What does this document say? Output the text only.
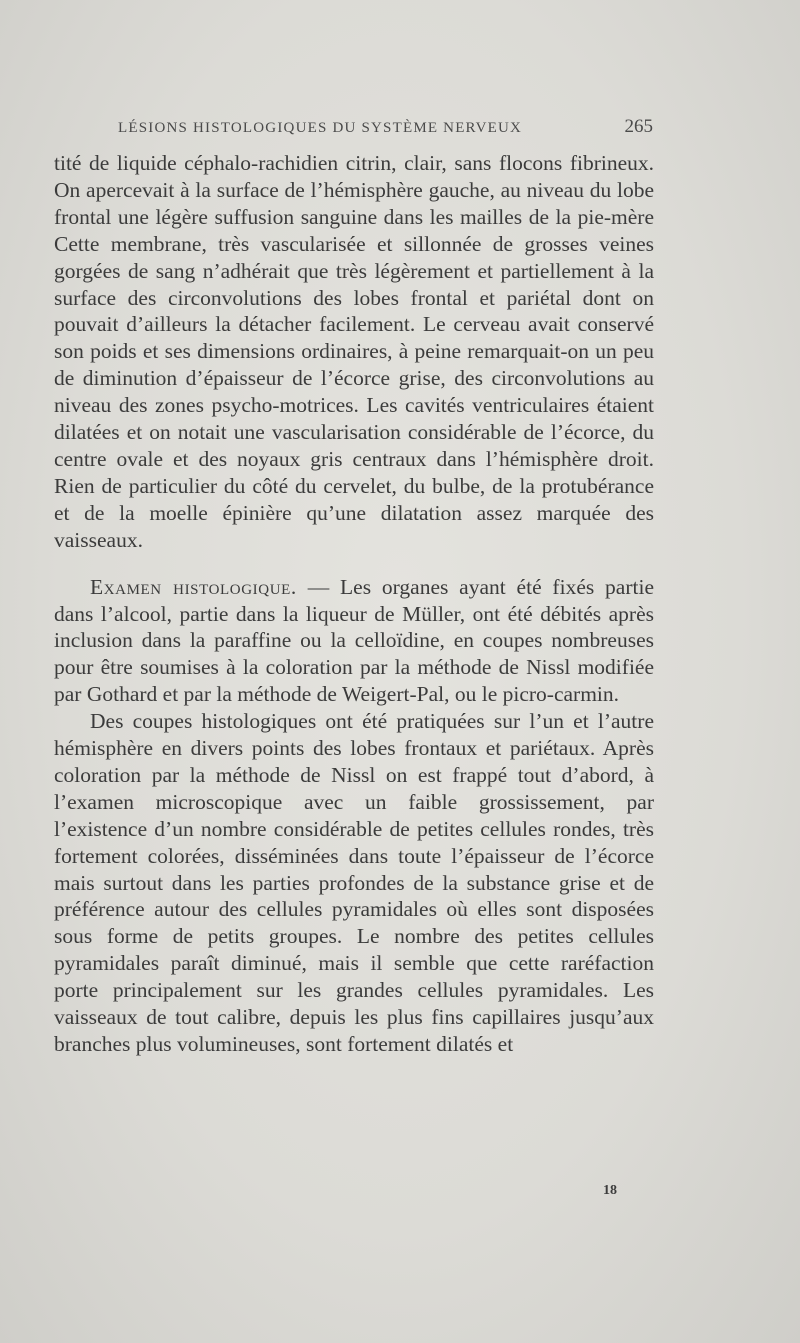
LÉSIONS HISTOLOGIQUES DU SYSTÈME NERVEUX	265

tité de liquide céphalo-rachidien citrin, clair, sans flocons fibrineux. On apercevait à la surface de l’hémisphère gauche, au niveau du lobe frontal une légère suffusion sanguine dans les mailles de la pie-mère Cette membrane, très vascularisée et sillonnée de grosses veines gorgées de sang n’adhérait que très légèrement et partiellement à la surface des circonvolutions des lobes frontal et pariétal dont on pouvait d’ailleurs la détacher facilement. Le cerveau avait conservé son poids et ses dimensions ordinaires, à peine remarquait-on un peu de diminution d’épaisseur de l’écorce grise, des circonvolutions au niveau des zones psycho-motrices. Les cavités ventriculaires étaient dilatées et on notait une vascularisation considérable de l’écorce, du centre ovale et des noyaux gris centraux dans l’hémisphère droit. Rien de particulier du côté du cervelet, du bulbe, de la protubérance et de la moelle épinière qu’une dilatation assez marquée des vaisseaux.

Examen histologique. — Les organes ayant été fixés partie dans l’alcool, partie dans la liqueur de Müller, ont été débités après inclusion dans la paraffine ou la celloïdine, en coupes nombreuses pour être soumises à la coloration par la méthode de Nissl modifiée par Gothard et par la méthode de Weigert-Pal, ou le picro-carmin.

Des coupes histologiques ont été pratiquées sur l’un et l’autre hémisphère en divers points des lobes frontaux et pariétaux. Après coloration par la méthode de Nissl on est frappé tout d’abord, à l’examen microscopique avec un faible grossissement, par l’existence d’un nombre considérable de petites cellules rondes, très fortement colorées, disséminées dans toute l’épaisseur de l’écorce mais surtout dans les parties profondes de la substance grise et de préférence autour des cellules pyramidales où elles sont disposées sous forme de petits groupes. Le nombre des petites cellules pyramidales paraît diminué, mais il semble que cette raréfaction porte principalement sur les grandes cellules pyramidales. Les vaisseaux de tout calibre, depuis les plus fins capillaires jusqu’aux branches plus volumineuses, sont fortement dilatés et

18
